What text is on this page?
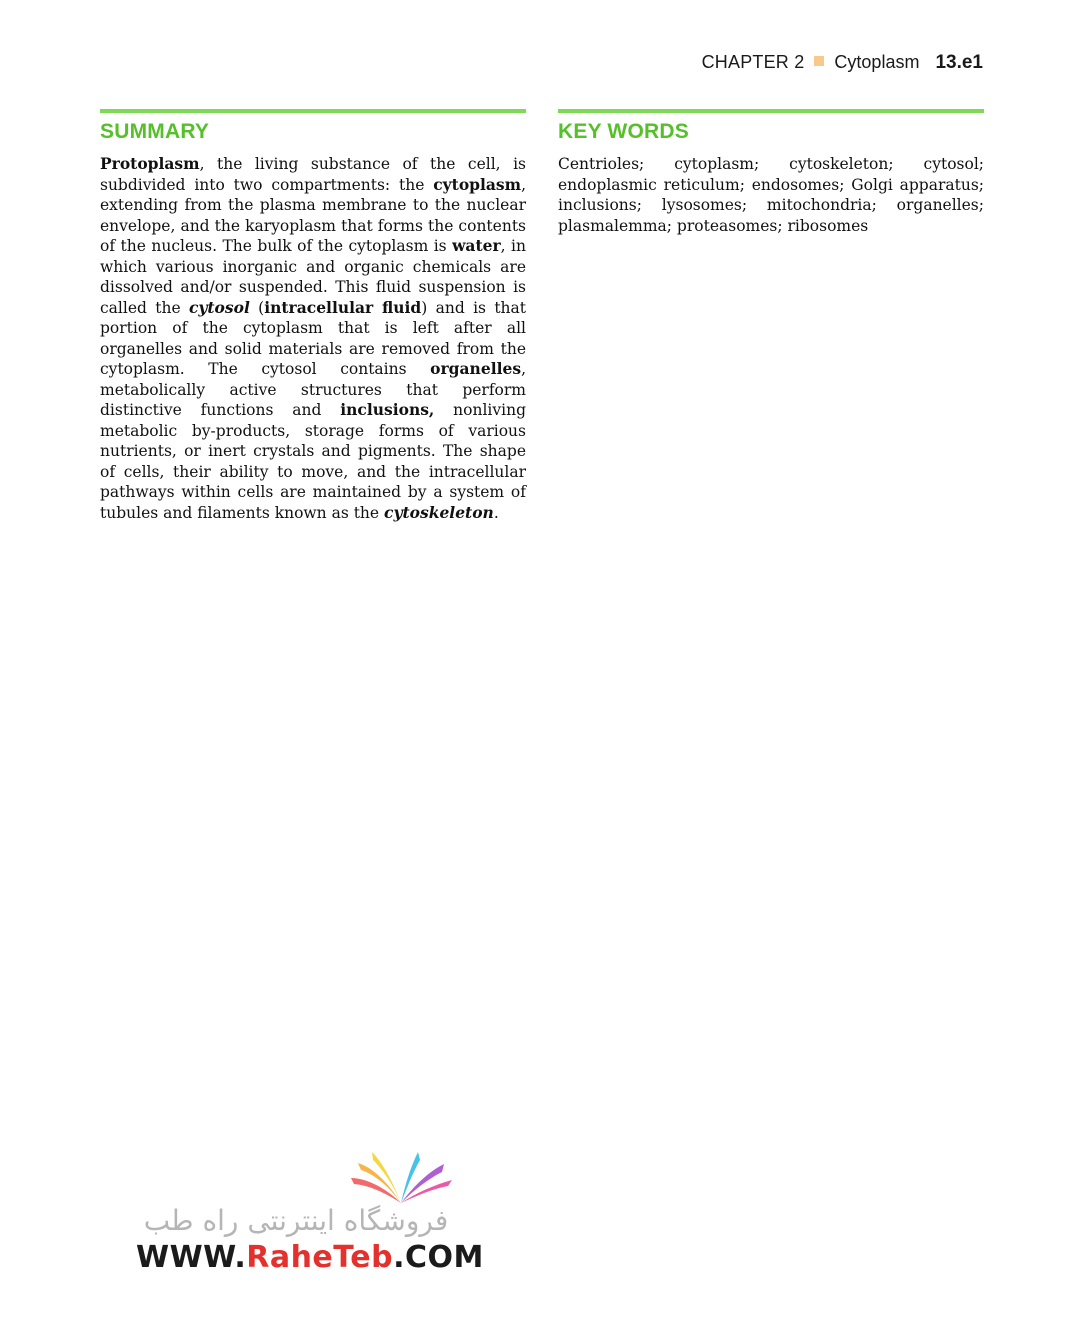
CHAPTER 2 Cytoplasm 13.e1
SUMMARY

Protoplasm, the living substance of the cell, is subdivided into two compartments: the cytoplasm, extending from the plasma membrane to the nuclear envelope, and the karyoplasm that forms the contents of the nucleus. The bulk of the cytoplasm is water, in which various inorganic and organic chemicals are dissolved and/or suspended. This fluid suspension is called the cytosol (intracellular fluid) and is that portion of the cytoplasm that is left after all organelles and solid materials are removed from the cytoplasm. The cytosol contains organelles, metabolically active structures that perform distinctive functions and inclusions, nonliving metabolic by-products, storage forms of various nutrients, or inert crystals and pigments. The shape of cells, their ability to move, and the intracellular pathways within cells are maintained by a system of tubules and filaments known as the cytoskeleton.

KEY WORDS

Centrioles; cytoplasm; cytoskeleton; cytosol; endoplasmic reticulum; endosomes; Golgi apparatus; inclusions; lysosomes; mitochondria; organelles; plasmalemma; proteasomes; ribosomes

فروشگاه اینترنتی راه طب
WWW.RaheTeb.COM
